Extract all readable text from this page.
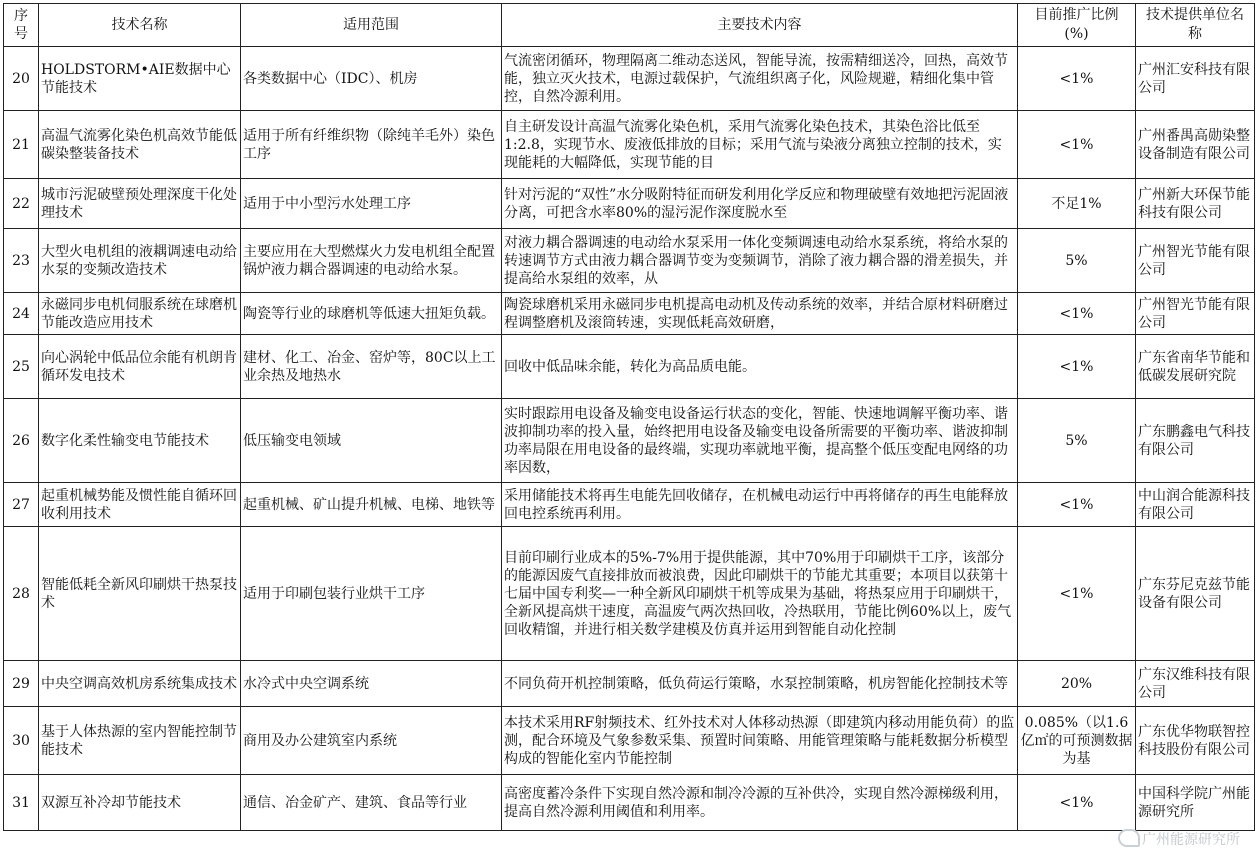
序号	技术名称	适用范围	主要技术内容	目前推广比例(%)	技术提供单位名称

20	HOLDSTORM•AIE数据中心节能技术	各类数据中心（IDC）、机房	气流密闭循环，物理隔离二维动态送风，智能导流，按需精细送冷，回热，高效节能，独立灭火技术，电源过载保护，气流组织离子化，风险规避，精细化集中管控，自然冷源利用。	<1%	广州汇安科技有限公司

21	高温气流雾化染色机高效节能低碳染整装备技术	适用于所有纤维织物（除纯羊毛外）染色工序	自主研发设计高温气流雾化染色机，采用气流雾化染色技术，其染色浴比低至1:2.8，实现节水、废液低排放的目标；采用气流与染液分离独立控制的技术，实现能耗的大幅降低，实现节能的目	<1%	广州番禺高勋染整设备制造有限公司

22	城市污泥破壁预处理深度干化处理技术	适用于中小型污水处理工序	针对污泥的“双性”水分吸附特征而研发利用化学反应和物理破壁有效地把污泥固液分离，可把含水率80%的湿污泥作深度脱水至	不足1%	广州新大环保节能科技有限公司

23	大型火电机组的液耦调速电动给水泵的变频改造技术	主要应用在大型燃煤火力发电机组全配置锅炉液力耦合器调速的电动给水泵。	对液力耦合器调速的电动给水泵采用一体化变频调速电动给水泵系统，将给水泵的转速调节方式由液力耦合器调节变为变频调节，消除了液力耦合器的滑差损失，并提高给水泵组的效率，从	5%	广州智光节能有限公司

24	永磁同步电机伺服系统在球磨机节能改造应用技术	陶瓷等行业的球磨机等低速大扭矩负载。	陶瓷球磨机采用永磁同步电机提高电动机及传动系统的效率，并结合原材料研磨过程调整磨机及滚筒转速，实现低耗高效研磨，	<1%	广州智光节能有限公司

25	向心涡轮中低品位余能有机朗肯循环发电技术	建材、化工、冶金、窑炉等，80C以上工业余热及地热水	回收中低品味余能，转化为高品质电能。	<1%	广东省南华节能和低碳发展研究院

26	数字化柔性输变电节能技术	低压输变电领域	实时跟踪用电设备及输变电设备运行状态的变化，智能、快速地调解平衡功率、谐波抑制功率的投入量，始终把用电设备及输变电设备所需要的平衡功率、谐波抑制功率局限在用电设备的最终端，实现功率就地平衡，提高整个低压变配电网络的功率因数，	5%	广东鹏鑫电气科技有限公司

27	起重机械势能及惯性能自循环回收利用技术	起重机械、矿山提升机械、电梯、地铁等	采用储能技术将再生电能先回收储存，在机械电动运行中再将储存的再生电能释放回电控系统再利用。	<1%	中山润合能源科技有限公司

28	智能低耗全新风印刷烘干热泵技术	适用于印刷包装行业烘干工序	目前印刷行业成本的5%-7%用于提供能源，其中70%用于印刷烘干工序，该部分的能源因废气直接排放而被浪费，因此印刷烘干的节能尤其重要；本项目以获第十七届中国专利奖—一种全新风印刷烘干机等成果为基础，将热泵应用于印刷烘干，全新风提高烘干速度，高温废气两次热回收，冷热联用，节能比例60%以上，废气回收精馏，并进行相关数学建模及仿真并运用到智能自动化控制	<1%	广东芬尼克兹节能设备有限公司

29	中央空调高效机房系统集成技术	水冷式中央空调系统	不同负荷开机控制策略，低负荷运行策略，水泵控制策略，机房智能化控制技术等	20%	广东汉维科技有限公司

30	基于人体热源的室内智能控制节能技术	商用及办公建筑室内系统	本技术采用RF射频技术、红外技术对人体移动热源（即建筑内移动用能负荷）的监测，配合环境及气象参数采集、预置时间策略、用能管理策略与能耗数据分析模型构成的智能化室内节能控制	0.085%（以1.6亿㎡的可预测数据为基	广东优华物联智控科技股份有限公司

31	双源互补冷却节能技术	通信、冶金矿产、建筑、食品等行业	高密度蓄冷条件下实现自然冷源和制冷冷源的互补供冷，实现自然冷源梯级利用，提高自然冷源利用阈值和利用率。	<1%	中国科学院广州能源研究所
广州能源研究所
